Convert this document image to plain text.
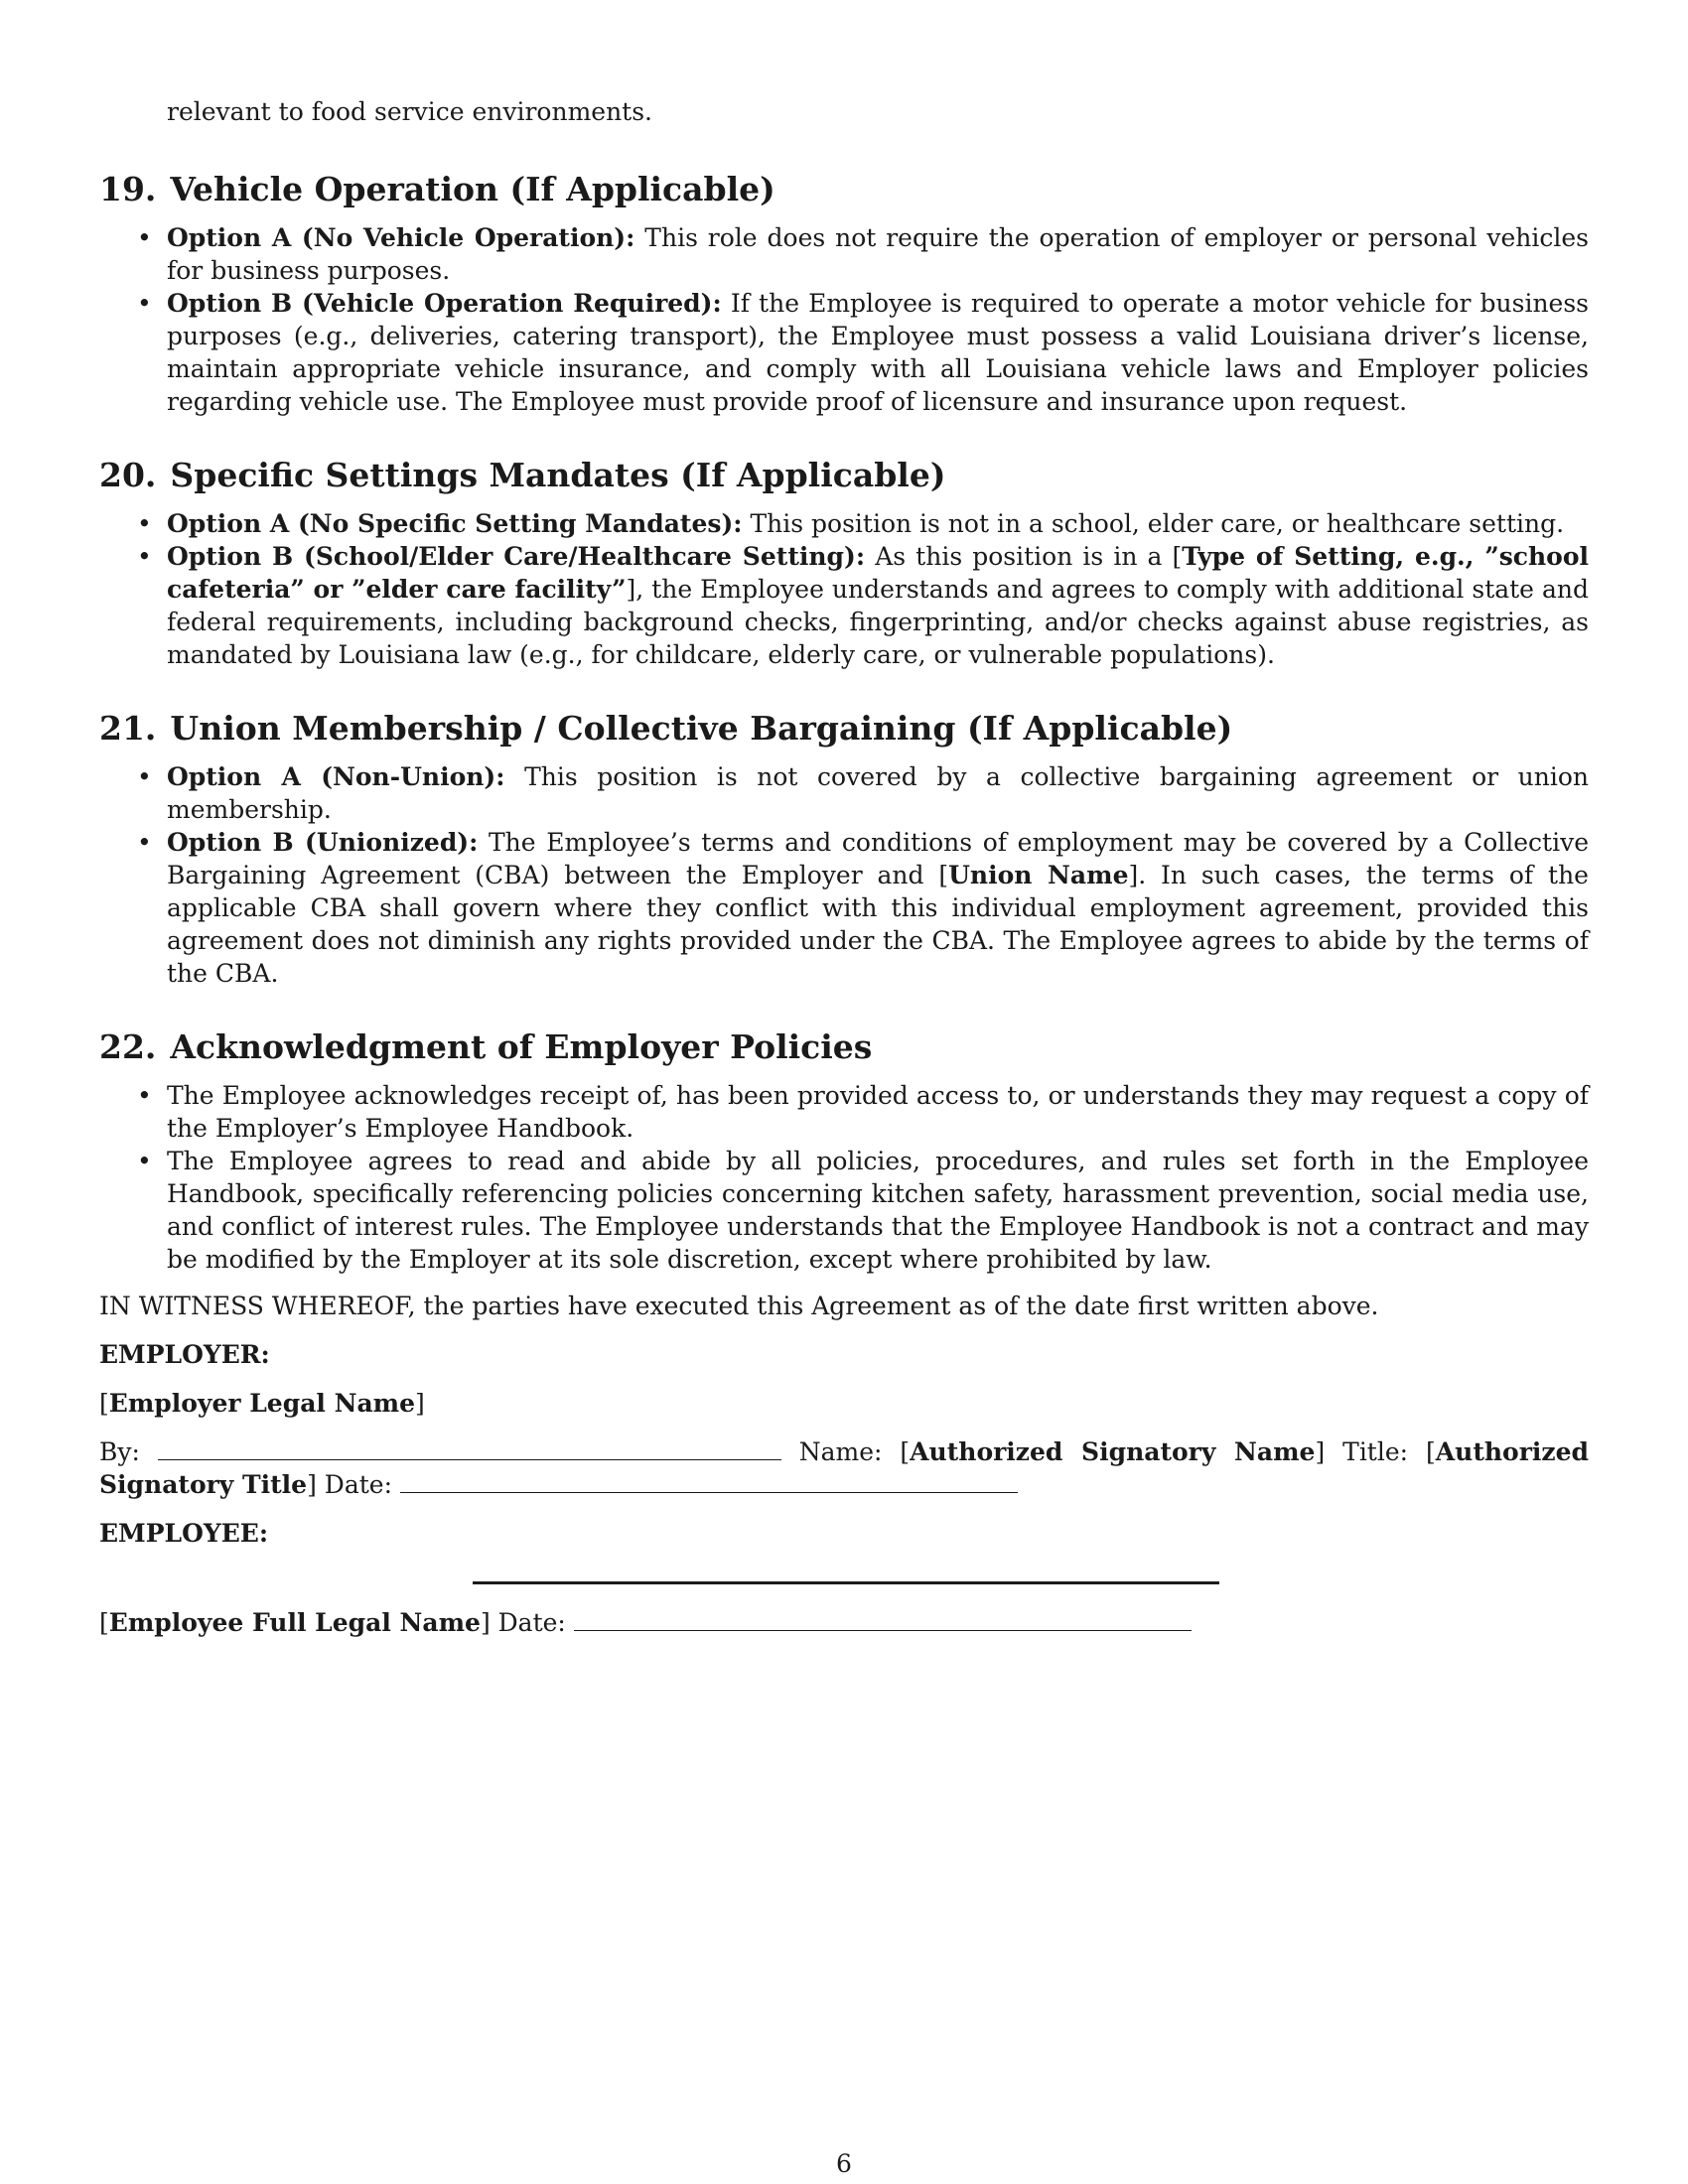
relevant to food service environments.

19. Vehicle Operation (If Applicable)
• Option A (No Vehicle Operation): This role does not require the operation of employer or personal vehicles for business purposes.
• Option B (Vehicle Operation Required): If the Employee is required to operate a motor vehicle for business purposes (e.g., deliveries, catering transport), the Employee must possess a valid Louisiana driver’s license, maintain appropriate vehicle insurance, and comply with all Louisiana vehicle laws and Employer policies regarding vehicle use. The Employee must provide proof of licensure and insurance upon request.
20. Specific Settings Mandates (If Applicable)
• Option A (No Specific Setting Mandates): This position is not in a school, elder care, or healthcare setting.
• Option B (School/Elder Care/Healthcare Setting): As this position is in a [Type of Setting, e.g., ”school cafeteria” or ”elder care facility”], the Employee understands and agrees to comply with additional state and federal requirements, including background checks, fingerprinting, and/or checks against abuse registries, as mandated by Louisiana law (e.g., for childcare, elderly care, or vulnerable populations).
21. Union Membership / Collective Bargaining (If Applicable)
• Option A (Non-Union): This position is not covered by a collective bargaining agreement or union membership.
• Option B (Unionized): The Employee’s terms and conditions of employment may be covered by a Collective Bargaining Agreement (CBA) between the Employer and [Union Name]. In such cases, the terms of the applicable CBA shall govern where they conflict with this individual employment agreement, provided this agreement does not diminish any rights provided under the CBA. The Employee agrees to abide by the terms of the CBA.
22. Acknowledgment of Employer Policies
• The Employee acknowledges receipt of, has been provided access to, or understands they may request a copy of the Employer’s Employee Handbook.
• The Employee agrees to read and abide by all policies, procedures, and rules set forth in the Employee Handbook, specifically referencing policies concerning kitchen safety, harassment prevention, social media use, and conflict of interest rules. The Employee understands that the Employee Handbook is not a contract and may be modified by the Employer at its sole discretion, except where prohibited by law.

IN WITNESS WHEREOF, the parties have executed this Agreement as of the date first written above.

EMPLOYER:

[Employer Legal Name]

By:	Name: [Authorized Signatory Name] Title: [Authorized Signatory Title] Date:

EMPLOYEE:

[Employee Full Legal Name] Date:

6
